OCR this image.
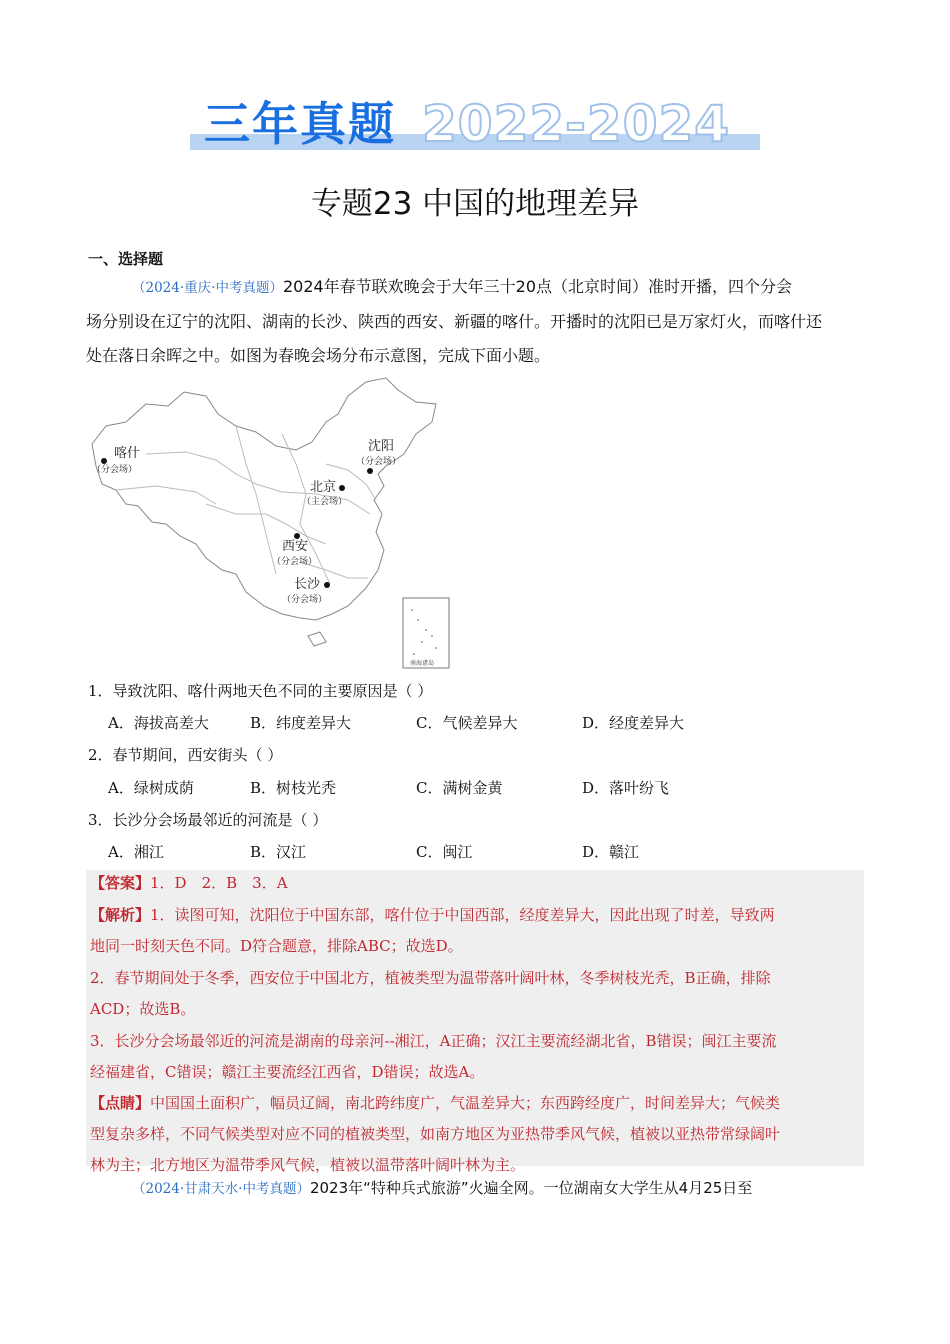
三年真题 2022-2024
专题23 中国的地理差异
一、选择题
（2024·重庆·中考真题）2024年春节联欢晚会于大年三十20点（北京时间）准时开播，四个分会
场分别设在辽宁的沈阳、湖南的长沙、陕西的西安、新疆的喀什。开播时的沈阳已是万家灯火，而喀什还
处在落日余晖之中。如图为春晚会场分布示意图，完成下面小题。
南海诸岛
喀什
（分会场）
沈阳
（分会场）
北京
（主会场）
西安
（分会场）
长沙
（分会场）
1．导致沈阳、喀什两地天色不同的主要原因是（ ）
A．海拔高差大	B．纬度差异大	C．气候差异大	D．经度差异大
2．春节期间，西安街头（ ）
A．绿树成荫	B．树枝光秃	C．满树金黄	D．落叶纷飞
3．长沙分会场最邻近的河流是（ ）
A．湘江	B．汉江	C．闽江	D．赣江
【答案】1．D　2．B　3．A
【解析】1．读图可知，沈阳位于中国东部，喀什位于中国西部，经度差异大，因此出现了时差，导致两
地同一时刻天色不同。D符合题意，排除ABC；故选D。
2．春节期间处于冬季，西安位于中国北方，植被类型为温带落叶阔叶林，冬季树枝光秃，B正确，排除
ACD；故选B。
3．长沙分会场最邻近的河流是湖南的母亲河--湘江，A正确；汉江主要流经湖北省，B错误；闽江主要流
经福建省，C错误；赣江主要流经江西省，D错误；故选A。
【点睛】中国国土面积广，幅员辽阔，南北跨纬度广，气温差异大；东西跨经度广，时间差异大；气候类
型复杂多样，不同气候类型对应不同的植被类型，如南方地区为亚热带季风气候，植被以亚热带常绿阔叶
林为主；北方地区为温带季风气候，植被以温带落叶阔叶林为主。
（2024·甘肃天水·中考真题）2023年“特种兵式旅游”火遍全网。一位湖南女大学生从4月25日至
